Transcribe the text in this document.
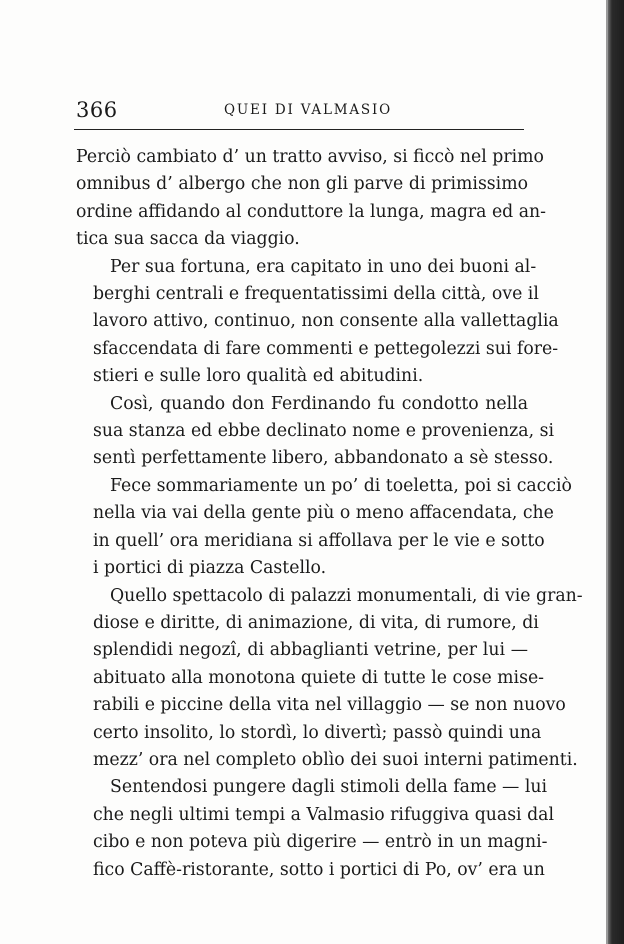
366	QUEI DI VALMASIO
Perciò cambiato d’ un tratto avviso, si ficcò nel primo
omnibus d’ albergo che non gli parve di primissimo
ordine affidando al conduttore la lunga, magra ed an-
tica sua sacca da viaggio.
Per sua fortuna, era capitato in uno dei buoni al-
berghi centrali e frequentatissimi della città, ove il
lavoro attivo, continuo, non consente alla vallettaglia
sfaccendata di fare commenti e pettegolezzi sui fore-
stieri e sulle loro qualità ed abitudini.
Così, quando don Ferdinando fu condotto nella
sua stanza ed ebbe declinato nome e provenienza, si
sentì perfettamente libero, abbandonato a sè stesso.
Fece sommariamente un po’ di toeletta, poi si cacciò
nella via vai della gente più o meno affacendata, che
in quell’ ora meridiana si affollava per le vie e sotto
i portici di piazza Castello.
Quello spettacolo di palazzi monumentali, di vie gran-
diose e diritte, di animazione, di vita, di rumore, di
splendidi negozî, di abbaglianti vetrine, per lui —
abituato alla monotona quiete di tutte le cose mise-
rabili e piccine della vita nel villaggio — se non nuovo
certo insolito, lo stordì, lo divertì; passò quindi una
mezz’ ora nel completo oblìo dei suoi interni patimenti.
Sentendosi pungere dagli stimoli della fame — lui
che negli ultimi tempi a Valmasio rifuggiva quasi dal
cibo e non poteva più digerire — entrò in un magni-
fico Caffè-ristorante, sotto i portici di Po, ov’ era un
